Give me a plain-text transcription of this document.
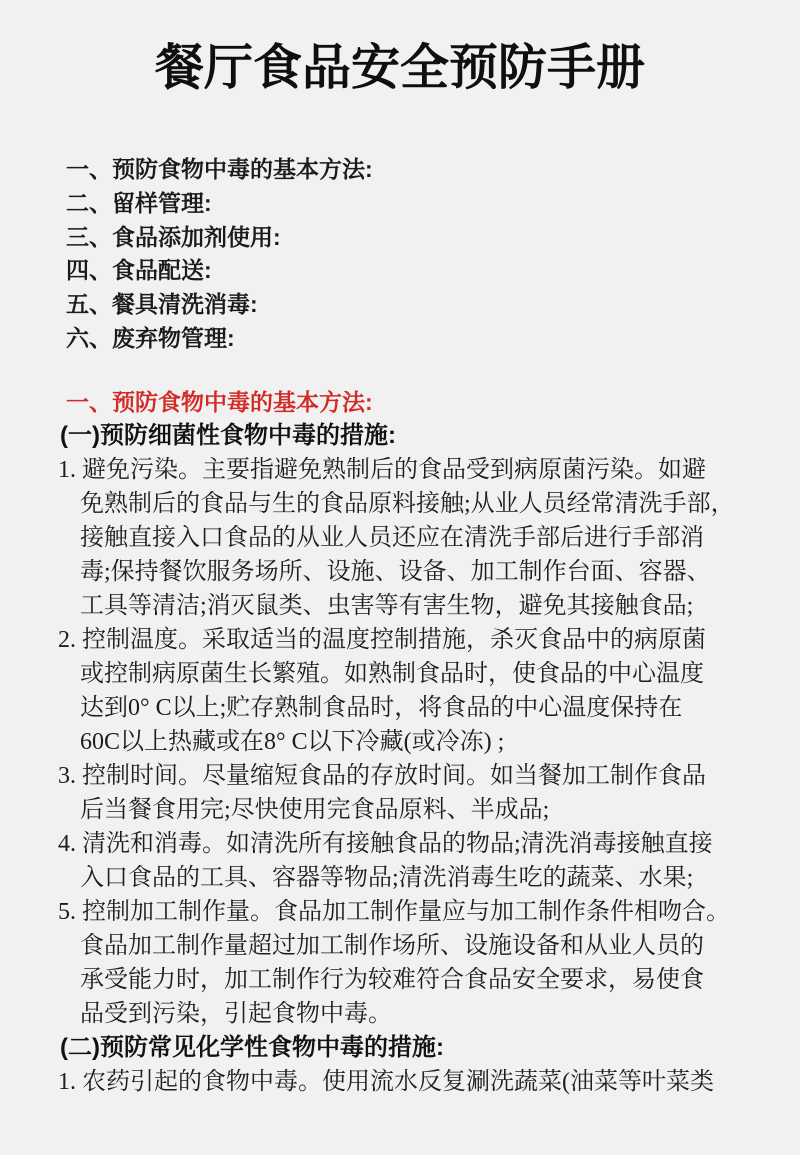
餐厅食品安全预防手册
一、预防食物中毒的基本方法:
二、留样管理:
三、食品添加剂使用:
四、食品配送:
五、餐具清洗消毒:
六、废弃物管理:
一、预防食物中毒的基本方法:
(一)预防细菌性食物中毒的措施:
1. 避免污染。主要指避免熟制后的食品受到病原菌污染。如避
免熟制后的食品与生的食品原料接触;从业人员经常清洗手部，
接触直接入口食品的从业人员还应在清洗手部后进行手部消
毒;保持餐饮服务场所、设施、设备、加工制作台面、容器、
工具等清洁;消灭鼠类、虫害等有害生物，避免其接触食品;
2. 控制温度。采取适当的温度控制措施，杀灭食品中的病原菌
或控制病原菌生长繁殖。如熟制食品时，使食品的中心温度
达到0° C以上;贮存熟制食品时，将食品的中心温度保持在
60C以上热藏或在8° C以下冷藏(或冷冻) ;
3. 控制时间。尽量缩短食品的存放时间。如当餐加工制作食品
后当餐食用完;尽快使用完食品原料、半成品;
4. 清洗和消毒。如清洗所有接触食品的物品;清洗消毒接触直接
入口食品的工具、容器等物品;清洗消毒生吃的蔬菜、水果;
5. 控制加工制作量。食品加工制作量应与加工制作条件相吻合。
食品加工制作量超过加工制作场所、设施设备和从业人员的
承受能力时，加工制作行为较难符合食品安全要求，易使食
品受到污染，引起食物中毒。
(二)预防常见化学性食物中毒的措施:
1. 农药引起的食物中毒。使用流水反复涮洗蔬菜(油菜等叶菜类
